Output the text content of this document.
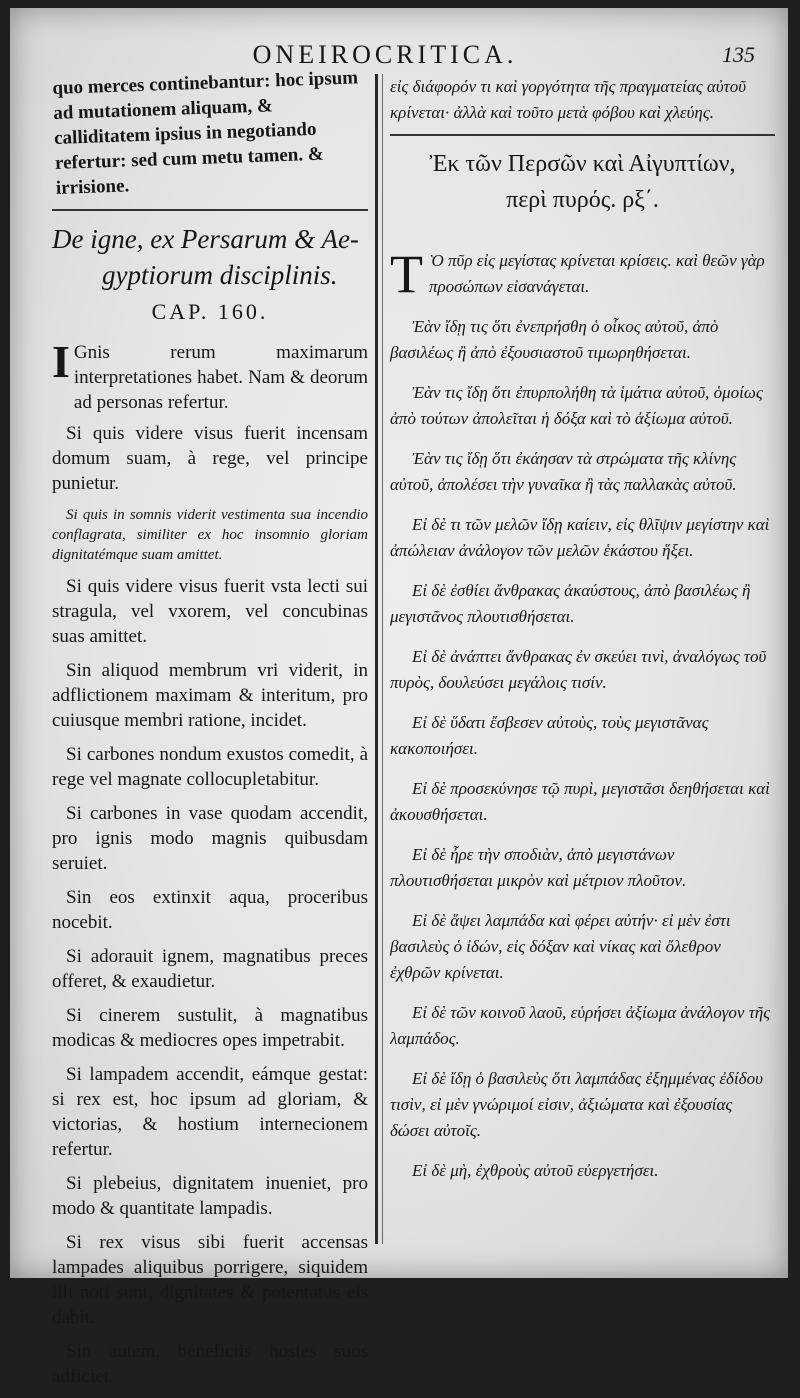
ONEIROCRITICA.	135

quo merces continebantur: hoc ipsum ad mutationem aliquam, & calliditatem ipsius in negotiando refertur: sed cum metu tamen. & irrisione.

De igne, ex Persarum & Ae-
gyptiorum disciplinis.
CAP. 160.
I Gnis rerum maximarum interpretationes habet. Nam & deorum ad personas refertur.

Si quis videre visus fuerit incensam domum suam, à rege, vel principe punietur.

Si quis in somnis viderit vestimenta sua incendio conflagrata, similiter ex hoc insomnio gloriam dignitatémque suam amittet.

Si quis videre visus fuerit vsta lecti sui stragula, vel vxorem, vel concubinas suas amittet.

Sin aliquod membrum vri viderit, in adflictionem maximam & interitum, pro cuiusque membri ratione, incidet.

Si carbones nondum exustos comedit, à rege vel magnate collocupletabitur.

Si carbones in vase quodam accendit, pro ignis modo magnis quibusdam seruiet.

Sin eos extinxit aqua, proceribus nocebit.

Si adorauit ignem, magnatibus preces offeret, & exaudietur.

Si cinerem sustulit, à magnatibus modicas & mediocres opes impetrabit.

Si lampadem accendit, eámque gestat: si rex est, hoc ipsum ad gloriam, & victorias, & hostium internecionem refertur.

Si plebeius, dignitatem inueniet, pro modo & quantitate lampadis.

Si rex visus sibi fuerit accensas lampades aliquibus porrigere, siquidem illi noti sunt, dignitates & potentatus eis dabit.

Sin autem, beneficiis hostes suos adficiet.

εἰς διάφορόν τι καὶ γοργότητα τῆς πραγματείας αὐτοῦ κρίνεται· ἀλλὰ καὶ τοῦτο μετὰ φόβου καὶ χλεύης.

Ἐκ τῶν Περσῶν καὶ Αἰγυπτίων,
περὶ πυρός. ρξ΄.
Τ Ὸ πῦρ εἰς μεγίστας κρίνεται κρίσεις. καὶ θεῶν γὰρ προσώπων εἰσανάγεται.

Ἐὰν ἴδῃ τις ὅτι ἐνεπρήσθη ὁ οἶκος αὐτοῦ, ἀπὸ βασιλέως ἢ ἀπὸ ἐξουσιαστοῦ τιμωρηθήσεται.

Ἐὰν τις ἴδῃ ὅτι ἐπυρπολήθη τὰ ἱμάτια αὐτοῦ, ὁμοίως ἀπὸ τούτων ἀπολεῖται ἡ δόξα καὶ τὸ ἀξίωμα αὐτοῦ.

Ἐὰν τις ἴδῃ ὅτι ἐκάησαν τὰ στρώματα τῆς κλίνης αὐτοῦ, ἀπολέσει τὴν γυναῖκα ἢ τὰς παλλακὰς αὐτοῦ.

Εἰ δὲ τι τῶν μελῶν ἴδῃ καίειν, εἰς θλῖψιν μεγίστην καὶ ἀπώλειαν ἀνάλογον τῶν μελῶν ἑκάστου ἥξει.

Εἰ δὲ ἐσθίει ἄνθρακας ἀκαύστους, ἀπὸ βασιλέως ἢ μεγιστᾶνος πλουτισθήσεται.

Εἰ δὲ ἀνάπτει ἄνθρακας ἐν σκεύει τινὶ, ἀναλόγως τοῦ πυρὸς, δουλεύσει μεγάλοις τισίν.

Εἰ δὲ ὕδατι ἔσβεσεν αὐτοὺς, τοὺς μεγιστᾶνας κακοποιήσει.

Εἰ δὲ προσεκύνησε τῷ πυρὶ, μεγιστᾶσι δεηθήσεται καὶ ἀκουσθήσεται.

Εἰ δὲ ἦρε τὴν σποδιὰν, ἀπὸ μεγιστάνων πλουτισθήσεται μικρὸν καὶ μέτριον πλοῦτον.

Εἰ δὲ ἅψει λαμπάδα καὶ φέρει αὐτήν· εἰ μὲν ἐστι βασιλεὺς ὁ ἰδών, εἰς δόξαν καὶ νίκας καὶ ὄλεθρον ἐχθρῶν κρίνεται.

Εἰ δὲ τῶν κοινοῦ λαοῦ, εὑρήσει ἀξίωμα ἀνάλογον τῆς λαμπάδος.

Εἰ δὲ ἴδῃ ὁ βασιλεὺς ὅτι λαμπάδας ἐξημμένας ἐδίδου τισὶν, εἰ μὲν γνώριμοί εἰσιν, ἀξιώματα καὶ ἐξουσίας δώσει αὐτοῖς.

Εἰ δὲ μὴ, ἐχθροὺς αὐτοῦ εὐεργετήσει.
